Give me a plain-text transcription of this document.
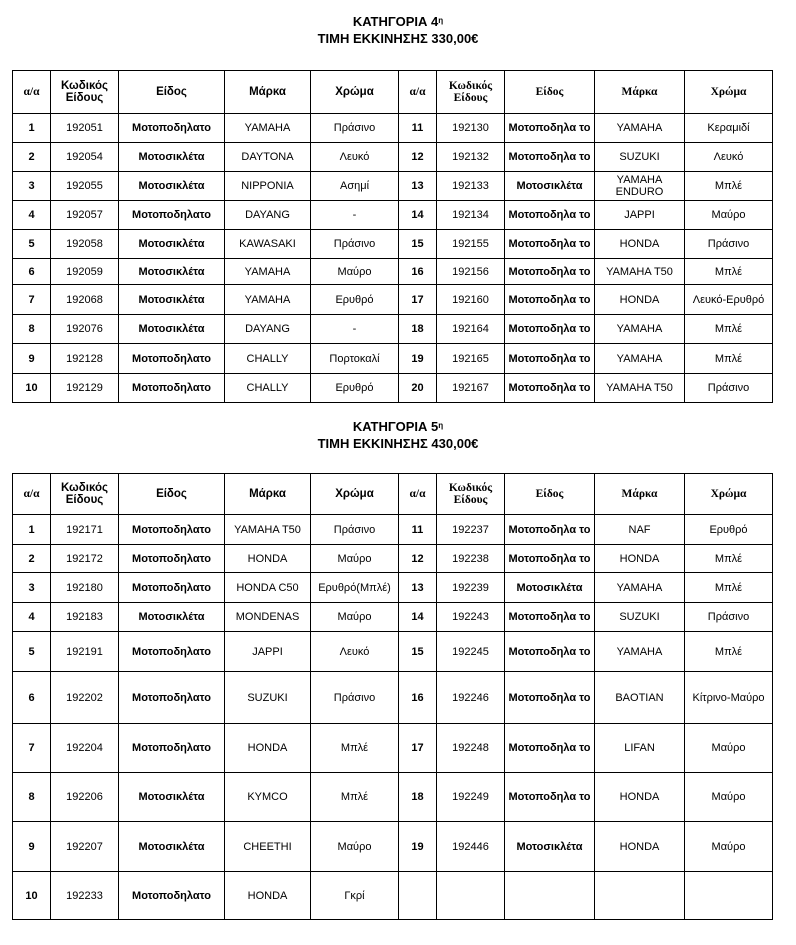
ΚΑΤΗΓΟΡΙΑ $4^\eta$
ΤΙΜΗ ΕΚΚΙΝΗΣΗΣ 330,00€
α/α	Κωδικός Είδους	Είδος	Μάρκα	Χρώμα	α/α	Κωδικός Είδους	Είδος	Μάρκα	Χρώμα
1	192051	Μοτοποδηλατο	YAMAHA	Πράσινο	11	192130	Μοτοποδηλα το	YAMAHA	Κεραμιδί
2	192054	Μοτοσικλέτα	DAYTONA	Λευκό	12	192132	Μοτοποδηλα το	SUZUKI	Λευκό
3	192055	Μοτοσικλέτα	NIPPONIA	Ασημί	13	192133	Μοτοσικλέτα	YAMAHA ENDURO	Μπλέ
4	192057	Μοτοποδηλατο	DAYANG	-	14	192134	Μοτοποδηλα το	JAPPI	Μαύρο
5	192058	Μοτοσικλέτα	KAWASAKI	Πράσινο	15	192155	Μοτοποδηλα το	HONDA	Πράσινο
6	192059	Μοτοσικλέτα	YAMAHA	Μαύρο	16	192156	Μοτοποδηλα το	YAMAHA T50	Μπλέ
7	192068	Μοτοσικλέτα	YAMAHA	Ερυθρό	17	192160	Μοτοποδηλα το	HONDA	Λευκό-Ερυθρό
8	192076	Μοτοσικλέτα	DAYANG	-	18	192164	Μοτοποδηλα το	YAMAHA	Μπλέ
9	192128	Μοτοποδηλατο	CHALLY	Πορτοκαλί	19	192165	Μοτοποδηλα το	YAMAHA	Μπλέ
10	192129	Μοτοποδηλατο	CHALLY	Ερυθρό	20	192167	Μοτοποδηλα το	YAMAHA T50	Πράσινο
ΚΑΤΗΓΟΡΙΑ $5^\eta$
ΤΙΜΗ ΕΚΚΙΝΗΣΗΣ 430,00€
α/α	Κωδικός Είδους	Είδος	Μάρκα	Χρώμα	α/α	Κωδικός Είδους	Είδος	Μάρκα	Χρώμα
1	192171	Μοτοποδηλατο	YAMAHA T50	Πράσινο	11	192237	Μοτοποδηλα το	NAF	Ερυθρό
2	192172	Μοτοποδηλατο	HONDA	Μαύρο	12	192238	Μοτοποδηλα το	HONDA	Μπλέ
3	192180	Μοτοποδηλατο	HONDA C50	Ερυθρό(Μπλέ)	13	192239	Μοτοσικλέτα	YAMAHA	Μπλέ
4	192183	Μοτοσικλέτα	MONDENAS	Μαύρο	14	192243	Μοτοποδηλα το	SUZUKI	Πράσινο
5	192191	Μοτοποδηλατο	JAPPI	Λευκό	15	192245	Μοτοποδηλα το	YAMAHA	Μπλέ
6	192202	Μοτοποδηλατο	SUZUKI	Πράσινο	16	192246	Μοτοποδηλα το	BAOTIAN	Κίτρινο-Μαύρο
7	192204	Μοτοποδηλατο	HONDA	Μπλέ	17	192248	Μοτοποδηλα το	LIFAN	Μαύρο
8	192206	Μοτοσικλέτα	KYMCO	Μπλέ	18	192249	Μοτοποδηλα το	HONDA	Μαύρο
9	192207	Μοτοσικλέτα	CHEETHI	Μαύρο	19	192446	Μοτοσικλέτα	HONDA	Μαύρο
10	192233	Μοτοποδηλατο	HONDA	Γκρί					
